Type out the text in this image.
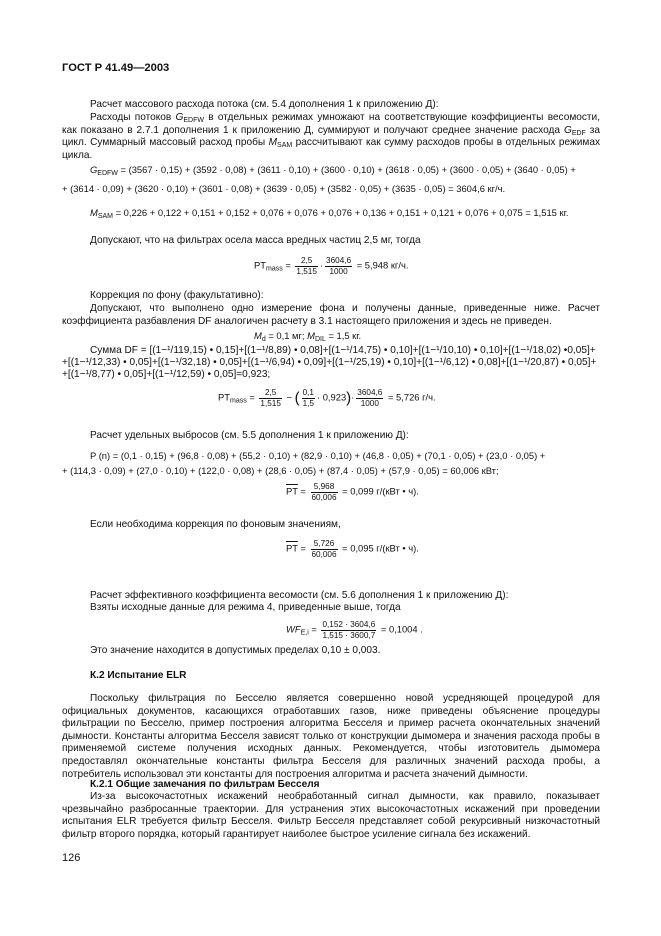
ГОСТ Р 41.49—2003
Расчет массового расхода потока (см. 5.4 дополнения 1 к приложению Д):
Расходы потоков $G_{EDFW}$ в отдельных режимах умножают на соответствующие коэффициенты весомости, как показано в 2.7.1 дополнения 1 к приложению Д, суммируют и получают среднее значение расхода $G_{EDF}$ за цикл. Суммарный массовый расход пробы $M_{SAM}$ рассчитывают как сумму расходов пробы в отдельных режимах цикла.
$G_{EDFW} = (3567 \cdot 0,15) + (3592 \cdot 0,08) + (3611 \cdot 0,10) + (3600 \cdot 0,10) + (3618 \cdot 0,05) + (3600 \cdot 0,05) + (3640 \cdot 0,05)$ +
+ (3614 · 0,09) + (3620 · 0,10) + (3601 · 0,08) + (3639 · 0,05) + (3582 · 0,05) + (3635 · 0,05) = 3604,6 кг/ч.
$M_{SAM} = 0,226 + 0,122 + 0,151 + 0,152 + 0,076 + 0,076 + 0,076 + 0,136 + 0,151 + 0,121 + 0,076 + 0,075 = 1,515$ кг.
Допускают, что на фильтрах осела масса вредных частиц 2,5 мг, тогда
$PT_{mass} = \frac{2,5}{1,515} \cdot \frac{3604,6}{1000} = 5,948$ кг/ч.
Коррекция по фону (факультативно):
Допускают, что выполнено одно измерение фона и получены данные, приведенные ниже. Расчет коэффициента разбавления DF аналогичен расчету в 3.1 настоящего приложения и здесь не приведен.
$M_d = 0,1$ мг; $M_{DIL} = 1,5$ кг.
Сумма DF = [(1−¹/119,15) • 0,15]+[(1−¹/8,89) • 0,08]+[(1−¹/14,75) • 0,10]+[(1−¹/10,10) • 0,10]+[(1−¹/18,02) •0,05]+
+[(1−¹/12,33) • 0,05]+[(1−¹/32,18) • 0,05]+[(1−¹/6,94) • 0,09]+[(1−¹/25,19) • 0,10]+[(1−¹/6,12) • 0,08]+[(1−¹/20,87) • 0,05]+
+[(1−¹/8,77) • 0,05]+[(1−¹/12,59) • 0,05]=0,923;
$PT_{mass} = \frac{2,5}{1,515}$ − ( $\frac{0,1}{1,5} \cdot 0,923)\cdot \frac{3604,6}{1000} = 5,726$ г/ч.
Расчет удельных выбросов (см. 5.5 дополнения 1 к приложению Д):
P (n) = (0,1 · 0,15) + (96,8 · 0,08) + (55,2 · 0,10) + (82,9 · 0,10) + (46,8 · 0,05) + (70,1 · 0,05) + (23,0 · 0,05) +
+ (114,3 · 0,09) + (27,0 · 0,10) + (122,0 · 0,08) + (28,6 · 0,05) + (87,4 · 0,05) + (57,9 · 0,05) = 60,006 кВт;
$\overline{PT} = \frac{5,968}{60,006} = 0,099$ г/(кВт • ч).
Если необходима коррекция по фоновым значениям,
$\overline{PT} = \frac{5,726}{60,006} = 0,095$ г/(кВт • ч).
Расчет эффективного коэффициента весомости (см. 5.6 дополнения 1 к приложению Д):
Взяты исходные данные для режима 4, приведенные выше, тогда
$WF_{E,i} = \frac{0,152 \cdot 3604,6}{1,515 \cdot 3600,7} = 0,1004$ .
Это значение находится в допустимых пределах 0,10 ± 0,003.
К.2 Испытание ELR
Поскольку фильтрация по Бесселю является совершенно новой усредняющей процедурой для официальных документов, касающихся отработавших газов, ниже приведены объяснение процедуры фильтрации по Бесселю, пример построения алгоритма Бесселя и пример расчета окончательных значений дымности. Константы алгоритма Бесселя зависят только от конструкции дымомера и значения расхода пробы в применяемой системе получения исходных данных. Рекомендуется, чтобы изготовитель дымомера предоставлял окончательные константы фильтра Бесселя для различных значений расхода пробы, а потребитель использовал эти константы для построения алгоритма и расчета значений дымности.
К.2.1 Общие замечания по фильтрам Бесселя
Из-за высокочастотных искажений необработанный сигнал дымности, как правило, показывает чрезвычайно разбросанные траектории. Для устранения этих высокочастотных искажений при проведении испытания ELR требуется фильтр Бесселя. Фильтр Бесселя представляет собой рекурсивный низкочастотный фильтр второго порядка, который гарантирует наиболее быстрое усиление сигнала без искажений.
126
